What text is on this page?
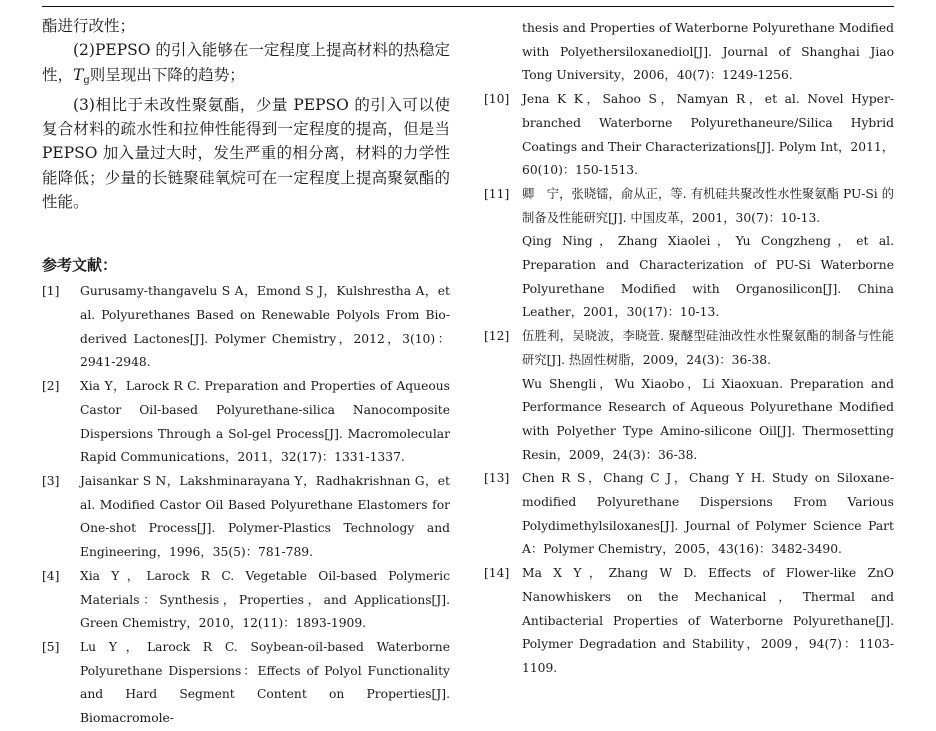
酯进行改性；

(2)PEPSO 的引入能够在一定程度上提高材料的热稳定性，$T_g$则呈现出下降的趋势；

(3)相比于未改性聚氨酯，少量 PEPSO 的引入可以使复合材料的疏水性和拉伸性能得到一定程度的提高，但是当 PEPSO 加入量过大时，发生严重的相分离，材料的力学性能降低；少量的长链聚硅氧烷可在一定程度上提高聚氨酯的性能。

参考文献：
[1]	Gurusamy-thangavelu S A，Emond S J，Kulshrestha A，et al. Polyurethanes Based on Renewable Polyols From Bio-derived Lactones[J]. Polymer Chemistry，2012，3(10)：2941-2948.
[2]	Xia Y，Larock R C. Preparation and Properties of Aqueous Castor Oil-based Polyurethane-silica Nanocomposite Dispersions Through a Sol-gel Process[J]. Macromolecular Rapid Communications，2011，32(17)：1331-1337.
[3]	Jaisankar S N，Lakshminarayana Y，Radhakrishnan G，et al. Modified Castor Oil Based Polyurethane Elastomers for One-shot Process[J]. Polymer-Plastics Technology and Engineering，1996，35(5)：781-789.
[4]	Xia Y，Larock R C. Vegetable Oil-based Polymeric Materials：Synthesis，Properties，and Applications[J]. Green Chemistry，2010，12(11)：1893-1909.
[5]	Lu Y，Larock R C. Soybean-oil-based Waterborne Polyurethane Dispersions：Effects of Polyol Functionality and Hard Segment Content on Properties[J]. Biomacromole-

thesis and Properties of Waterborne Polyurethane Modified with Polyethersiloxanediol[J]. Journal of Shanghai Jiao Tong University，2006，40(7)：1249-1256.

[10]	Jena K K，Sahoo S，Namyan R，et al. Novel Hyper-branched Waterborne Polyurethaneure/Silica Hybrid Coatings and Their Characterizations[J]. Polym Int，2011，60(10)：150-1513.
[11]	卿　宁，张晓镭，俞从正，等. 有机硅共聚改性水性聚氨酯 PU-Si 的制备及性能研究[J]. 中国皮革，2001，30(7)：10-13.

Qing Ning，Zhang Xiaolei，Yu Congzheng，et al. Preparation and Characterization of PU-Si Waterborne Polyurethane Modified with Organosilicon[J]. China Leather，2001，30(17)：10-13.

[12]	伍胜利，吴晓波，李晓萱. 聚醚型硅油改性水性聚氨酯的制备与性能研究[J]. 热固性树脂，2009，24(3)：36-38.

Wu Shengli，Wu Xiaobo，Li Xiaoxuan. Preparation and Performance Research of Aqueous Polyurethane Modified with Polyether Type Amino-silicone Oil[J]. Thermosetting Resin，2009，24(3)：36-38.

[13]	Chen R S，Chang C J，Chang Y H. Study on Siloxane-modified Polyurethane Dispersions From Various Polydimethylsiloxanes[J]. Journal of Polymer Science Part A：Polymer Chemistry，2005，43(16)：3482-3490.
[14]	Ma X Y，Zhang W D. Effects of Flower-like ZnO Nanowhiskers on the Mechanical，Thermal and Antibacterial Properties of Waterborne Polyurethane[J]. Polymer Degradation and Stability，2009，94(7)：1103-1109.
